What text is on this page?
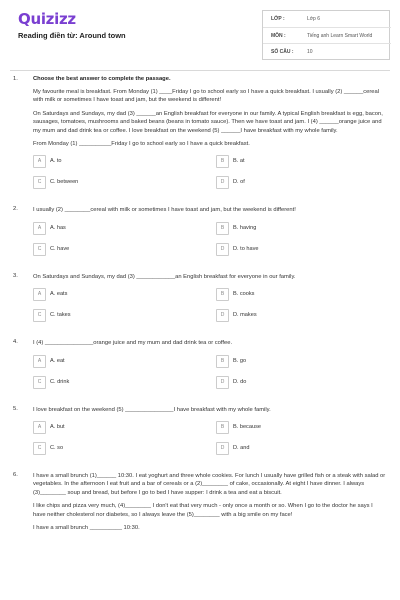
Quizizz
Reading điền từ: Around town
LỚP :	Lớp 6
MÔN :	Tiếng anh Learn Smart World
SỐ CÂU :	10
1.	Choose the best answer to complete the passage.

My favourite meal is breakfast. From Monday (1) ____Friday I go to school early so I have a quick breakfast. I usually (2) ______cereal with milk or sometimes I have toast and jam, but the weekend is different!

On Saturdays and Sundays, my dad (3) ______an English breakfast for everyone in our family. A typical English breakfast is egg, bacon, sausages, tomatoes, mushrooms and baked beans (beans in tomato sauce). Then we have toast and jam. I (4) ______orange juice and my mum and dad drink tea or coffee. I love breakfast on the weekend (5) ______I have breakfast with my whole family.

From Monday (1) __________Friday I go to school early so I have a quick breakfast.

A	A. to	B	B. at
C	C. between	D	D. of
2.	I usually (2) ________cereal with milk or sometimes I have toast and jam, but the weekend is different!

A	A. has	B	B. having
C	C. have	D	D. to have
3.	On Saturdays and Sundays, my dad (3) ____________an English breakfast for everyone in our family.

A	A. eats	B	B. cooks
C	C. takes	D	D. makes
4.	I (4) _______________orange juice and my mum and dad drink tea or coffee.

A	A. eat	B	B. go
C	C. drink	D	D. do
5.	I love breakfast on the weekend (5) _______________I have breakfast with my whole family.

A	A. but	B	B. because
C	C. so	D	D. and
6.	I have a small brunch (1)______ 10:30. I eat yoghurt and three whole cookies. For lunch I usually have grilled fish or a steak with salad or vegetables. In the afternoon I eat fruit and a bar of cereals or a (2)________ of cake, occasionally. At eight I have dinner. I always (3)________ soup and bread, but before I go to bed I have supper: I drink a tea and eat a biscuit.

I like chips and pizza very much, (4)________ I don't eat that very much - only once a month or so. When I go to the doctor he says I have neither cholesterol nor diabetes, so I always leave the (5)________ with a big smile on my face!

I have a small brunch __________ 10:30.
